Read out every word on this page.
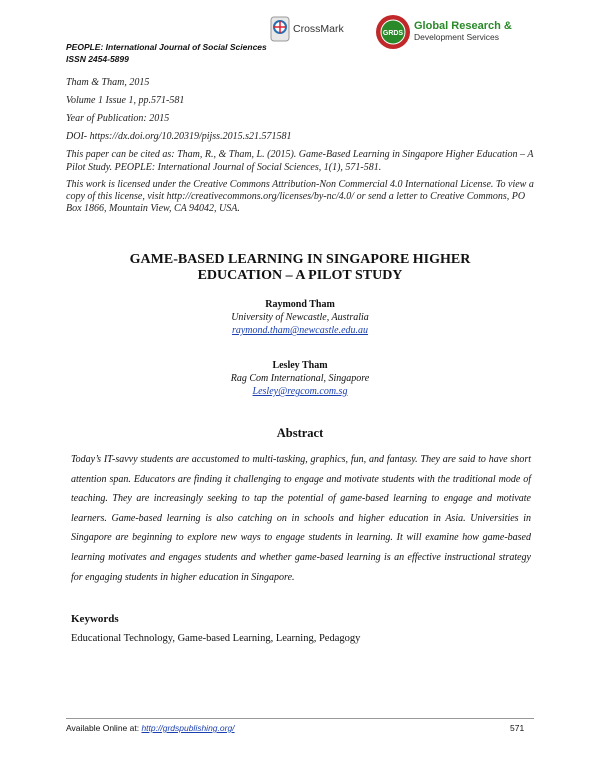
PEOPLE: International Journal of Social Sciences
ISSN 2454-5899
CrossMark	GRDS
Global Research &
Development Services
Tham & Tham, 2015
Volume 1 Issue 1, pp.571-581
Year of Publication: 2015
DOI- https://dx.doi.org/10.20319/pijss.2015.s21.571581
This paper can be cited as: Tham, R., & Tham, L. (2015). Game-Based Learning in Singapore Higher Education – A Pilot Study. PEOPLE: International Journal of Social Sciences, 1(1), 571-581.
This work is licensed under the Creative Commons Attribution-Non Commercial 4.0 International License. To view a copy of this license, visit http://creativecommons.org/licenses/by-nc/4.0/ or send a letter to Creative Commons, PO Box 1866, Mountain View, CA 94042, USA.
GAME-BASED LEARNING IN SINGAPORE HIGHER
EDUCATION – A PILOT STUDY
Raymond Tham
University of Newcastle, Australia
raymond.tham@newcastle.edu.au
Lesley Tham
Rag Com International, Singapore
Lesley@regcom.com.sg
Abstract
Today’s IT-savvy students are accustomed to multi-tasking, graphics, fun, and fantasy. They are said to have short attention span. Educators are finding it challenging to engage and motivate students with the traditional mode of teaching. They are increasingly seeking to tap the potential of game-based learning to engage and motivate learners. Game-based learning is also catching on in schools and higher education in Asia. Universities in Singapore are beginning to explore new ways to engage students in learning. It will examine how game-based learning motivates and engages students and whether game-based learning is an effective instructional strategy for engaging students in higher education in Singapore.
Keywords
Educational Technology, Game-based Learning, Learning, Pedagogy
Available Online at: http://grdspublishing.org/	571
